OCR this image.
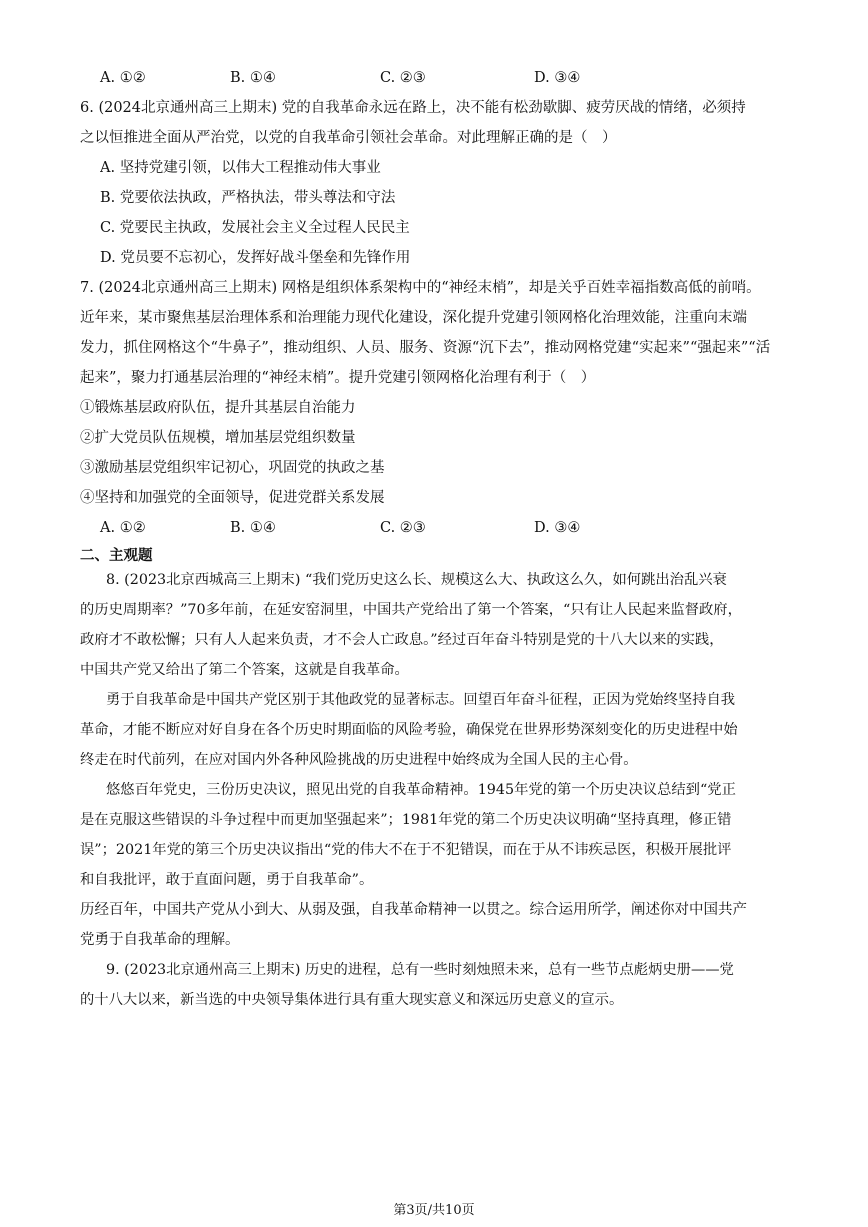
A. ①②	B. ①④	C. ②③	D. ③④
6. (2024北京通州高三上期末) 党的自我革命永远在路上，决不能有松劲歇脚、疲劳厌战的情绪，必须持
之以恒推进全面从严治党，以党的自我革命引领社会革命。对此理解正确的是（　）
A. 坚持党建引领，以伟大工程推动伟大事业
B. 党要依法执政，严格执法，带头尊法和守法
C. 党要民主执政，发展社会主义全过程人民民主
D. 党员要不忘初心，发挥好战斗堡垒和先锋作用
7. (2024北京通州高三上期末) 网格是组织体系架构中的“神经末梢”，却是关乎百姓幸福指数高低的前哨。
近年来，某市聚焦基层治理体系和治理能力现代化建设，深化提升党建引领网格化治理效能，注重向末端
发力，抓住网格这个“牛鼻子”，推动组织、人员、服务、资源“沉下去”，推动网格党建“实起来”“强起来”“活
起来”，聚力打通基层治理的“神经末梢”。提升党建引领网格化治理有利于（　）
①锻炼基层政府队伍，提升其基层自治能力
②扩大党员队伍规模，增加基层党组织数量
③激励基层党组织牢记初心，巩固党的执政之基
④坚持和加强党的全面领导，促进党群关系发展
A. ①②	B. ①④	C. ②③	D. ③④
二、主观题
8. (2023北京西城高三上期末) “我们党历史这么长、规模这么大、执政这么久，如何跳出治乱兴衰
的历史周期率？”70多年前，在延安窑洞里，中国共产党给出了第一个答案，“只有让人民起来监督政府，
政府才不敢松懈；只有人人起来负责，才不会人亡政息。”经过百年奋斗特别是党的十八大以来的实践，
中国共产党又给出了第二个答案，这就是自我革命。
勇于自我革命是中国共产党区别于其他政党的显著标志。回望百年奋斗征程，正因为党始终坚持自我
革命，才能不断应对好自身在各个历史时期面临的风险考验，确保党在世界形势深刻变化的历史进程中始
终走在时代前列，在应对国内外各种风险挑战的历史进程中始终成为全国人民的主心骨。
悠悠百年党史，三份历史决议，照见出党的自我革命精神。1945年党的第一个历史决议总结到“党正
是在克服这些错误的斗争过程中而更加坚强起来”；1981年党的第二个历史决议明确“坚持真理，修正错
误”；2021年党的第三个历史决议指出“党的伟大不在于不犯错误，而在于从不讳疾忌医，积极开展批评
和自我批评，敢于直面问题，勇于自我革命”。
历经百年，中国共产党从小到大、从弱及强，自我革命精神一以贯之。综合运用所学，阐述你对中国共产
党勇于自我革命的理解。
9. (2023北京通州高三上期末) 历史的进程，总有一些时刻烛照未来，总有一些节点彪炳史册——党
的十八大以来，新当选的中央领导集体进行具有重大现实意义和深远历史意义的宣示。
第3页/共10页
